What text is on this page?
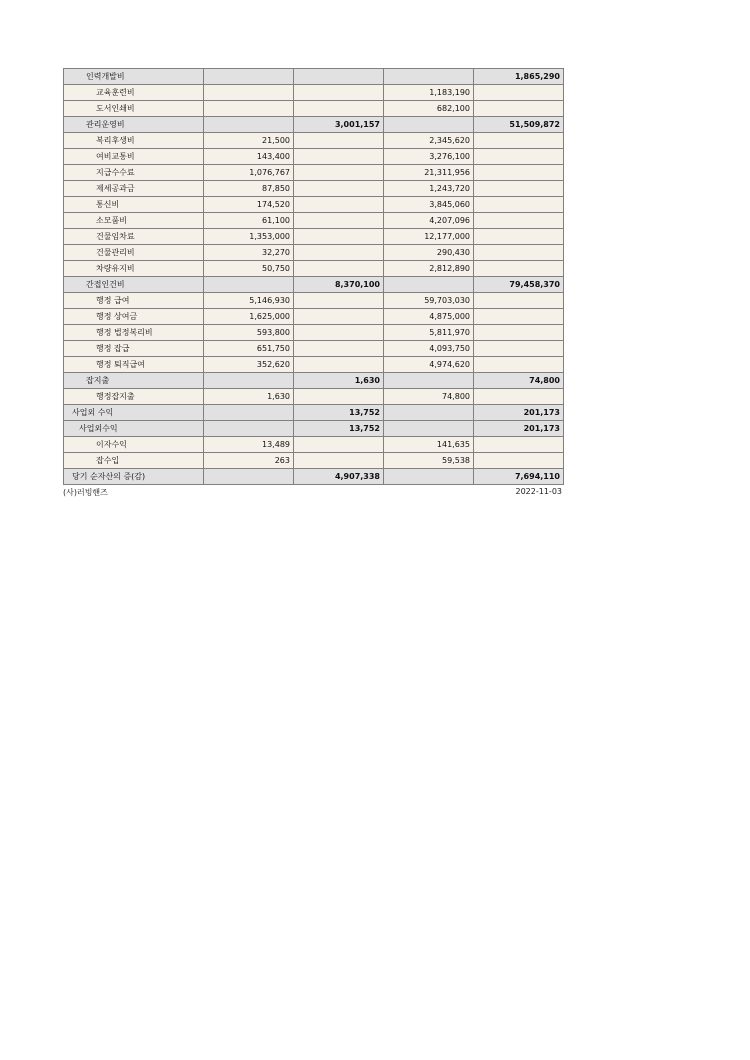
인력개발비				1,865,290
교육훈련비			1,183,190	
도서인쇄비			682,100	
관리운영비		3,001,157		51,509,872
복리후생비	21,500		2,345,620	
여비교통비	143,400		3,276,100	
지급수수료	1,076,767		21,311,956	
제세공과금	87,850		1,243,720	
통신비	174,520		3,845,060	
소모품비	61,100		4,207,096	
건물임차료	1,353,000		12,177,000	
건물관리비	32,270		290,430	
차량유지비	50,750		2,812,890	
간접인건비		8,370,100		79,458,370
행정 급여	5,146,930		59,703,030	
행정 상여금	1,625,000		4,875,000	
행정 법정복리비	593,800		5,811,970	
행정 잡급	651,750		4,093,750	
행정 퇴직급여	352,620		4,974,620	
잡지출		1,630		74,800
행정잡지출	1,630		74,800	
사업외 수익		13,752		201,173
사업외수익		13,752		201,173
이자수익	13,489		141,635	
잡수입	263		59,538	
당기 순자산의 증(감)		4,907,338		7,694,110
(사)러빙핸즈	2022-11-03
